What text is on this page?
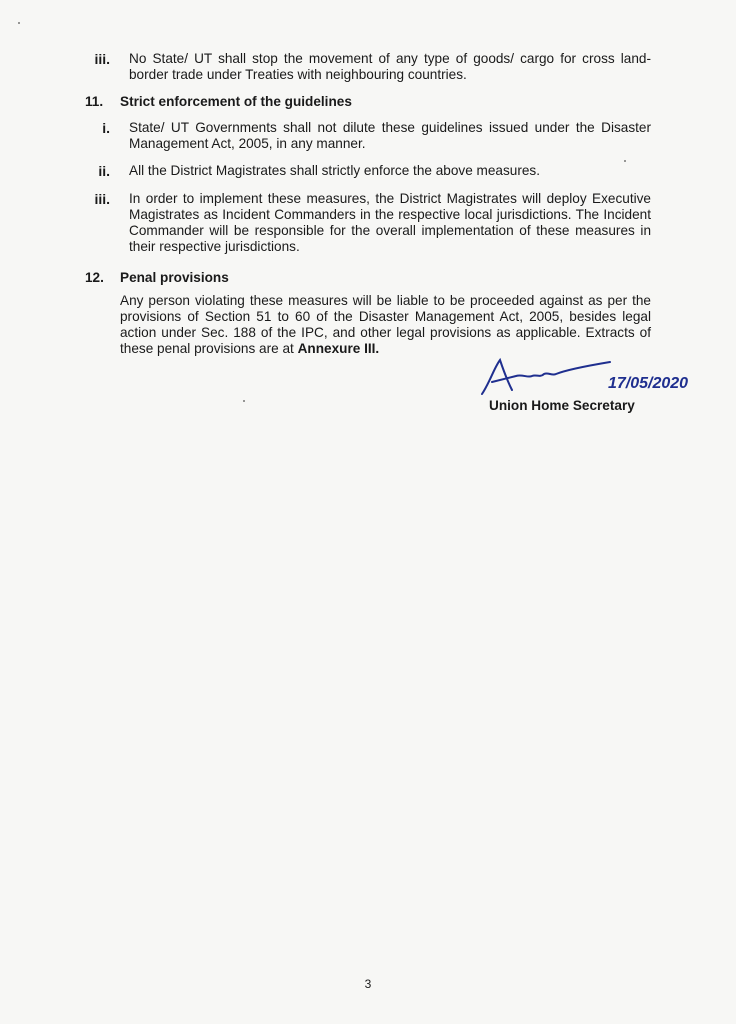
iii. No State/ UT shall stop the movement of any type of goods/ cargo for cross land-border trade under Treaties with neighbouring countries.
11. Strict enforcement of the guidelines
i. State/ UT Governments shall not dilute these guidelines issued under the Disaster Management Act, 2005, in any manner.
ii. All the District Magistrates shall strictly enforce the above measures.
iii. In order to implement these measures, the District Magistrates will deploy Executive Magistrates as Incident Commanders in the respective local jurisdictions. The Incident Commander will be responsible for the overall implementation of these measures in their respective jurisdictions.
12. Penal provisions
Any person violating these measures will be liable to be proceeded against as per the provisions of Section 51 to 60 of the Disaster Management Act, 2005, besides legal action under Sec. 188 of the IPC, and other legal provisions as applicable. Extracts of these penal provisions are at Annexure III.
17/05/2020
Union Home Secretary
3
